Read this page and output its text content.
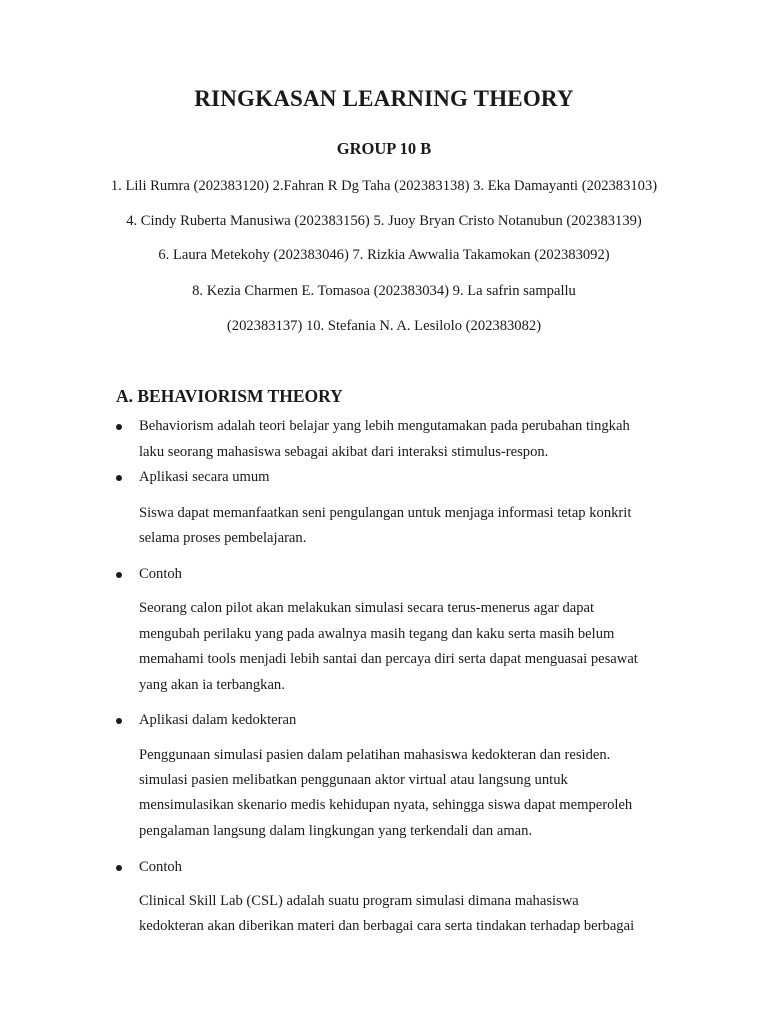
RINGKASAN LEARNING THEORY
GROUP 10 B
1. Lili Rumra (202383120) 2.Fahran R Dg Taha (202383138) 3. Eka Damayanti (202383103)
4. Cindy Ruberta Manusiwa (202383156) 5. Juoy Bryan Cristo Notanubun (202383139)
6. Laura Metekohy (202383046) 7. Rizkia Awwalia Takamokan (202383092)
8. Kezia Charmen E. Tomasoa (202383034) 9. La safrin sampallu
(202383137) 10. Stefania N. A. Lesilolo (202383082)
A. BEHAVIORISM THEORY
Behaviorism adalah teori belajar yang lebih mengutamakan pada perubahan tingkah
laku seorang mahasiswa sebagai akibat dari interaksi stimulus-respon.
Aplikasi secara umum
Siswa dapat memanfaatkan seni pengulangan untuk menjaga informasi tetap konkrit
selama proses pembelajaran.
Contoh
Seorang calon pilot akan melakukan simulasi secara terus-menerus agar dapat
mengubah perilaku yang pada awalnya masih tegang dan kaku serta masih belum
memahami tools menjadi lebih santai dan percaya diri serta dapat menguasai pesawat
yang akan ia terbangkan.
Aplikasi dalam kedokteran
Penggunaan simulasi pasien dalam pelatihan mahasiswa kedokteran dan residen.
simulasi pasien melibatkan penggunaan aktor virtual atau langsung untuk
mensimulasikan skenario medis kehidupan nyata, sehingga siswa dapat memperoleh
pengalaman langsung dalam lingkungan yang terkendali dan aman.
Contoh
Clinical Skill Lab (CSL) adalah suatu program simulasi dimana mahasiswa
kedokteran akan diberikan materi dan berbagai cara serta tindakan terhadap berbagai
